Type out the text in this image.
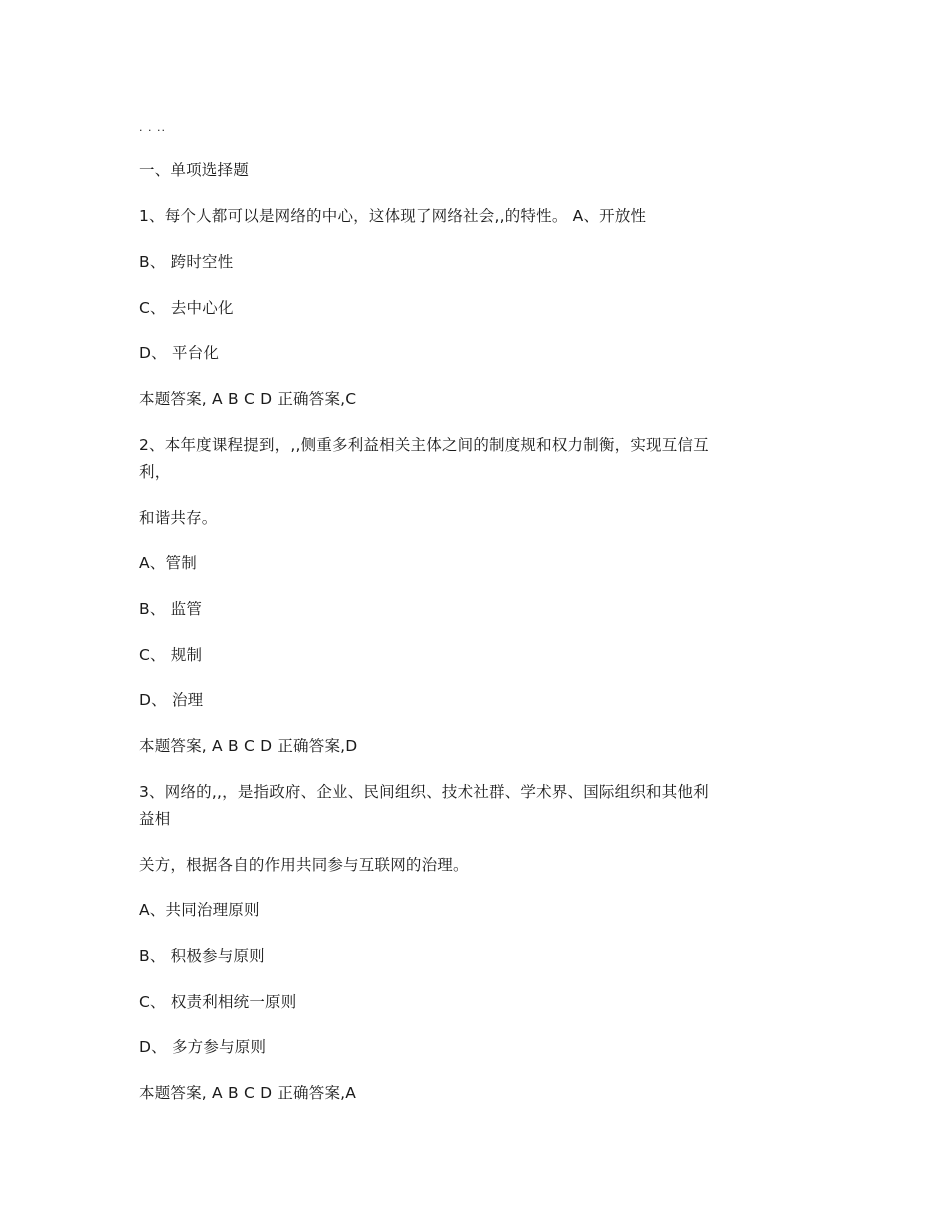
. . ..
一、单项选择题
1、每个人都可以是网络的中心，这体现了网络社会,,的特性。 A、开放性
B、 跨时空性
C、 去中心化
D、 平台化
本题答案, A B C D 正确答案,C
2、本年度课程提到，,,侧重多利益相关主体之间的制度规和权力制衡，实现互信互
利，
和谐共存。
A、管制
B、 监管
C、 规制
D、 治理
本题答案, A B C D 正确答案,D
3、网络的,,，是指政府、企业、民间组织、技术社群、学术界、国际组织和其他利
益相
关方，根据各自的作用共同参与互联网的治理。
A、共同治理原则
B、 积极参与原则
C、 权责利相统一原则
D、 多方参与原则
本题答案, A B C D 正确答案,A
